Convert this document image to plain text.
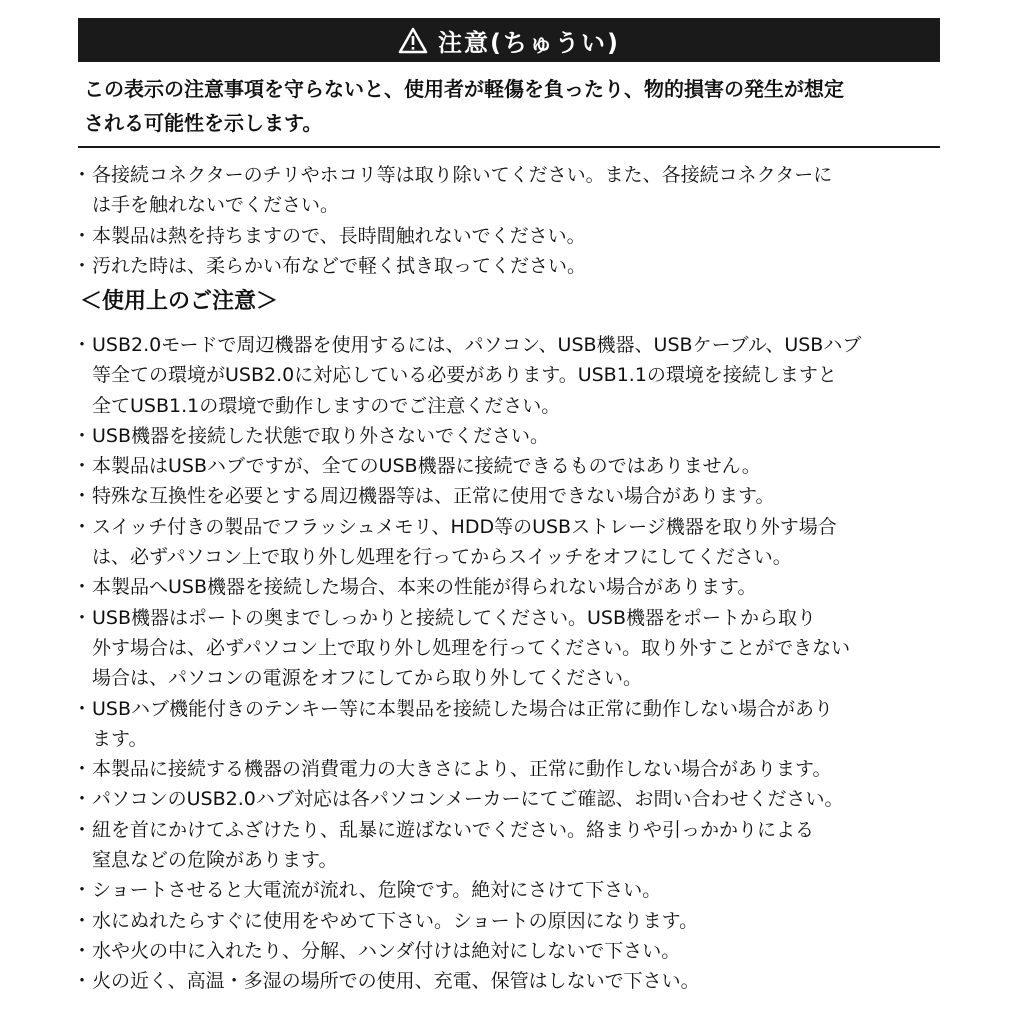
注意(ちゅうい)
この表示の注意事項を守らないと、使用者が軽傷を負ったり、物的損害の発生が想定
される可能性を示します。
・ 各接続コネクターのチリやホコリ等は取り除いてください。また、各接続コネクターに
は手を触れないでください。
・ 本製品は熱を持ちますので、長時間触れないでください。
・ 汚れた時は、柔らかい布などで軽く拭き取ってください。
＜使用上のご注意＞
・ USB2.0モードで周辺機器を使用するには、パソコン、USB機器、USBケーブル、USBハブ
等全ての環境がUSB2.0に対応している必要があります。USB1.1の環境を接続しますと
全てUSB1.1の環境で動作しますのでご注意ください。
・ USB機器を接続した状態で取り外さないでください。
・ 本製品はUSBハブですが、全てのUSB機器に接続できるものではありません。
・ 特殊な互換性を必要とする周辺機器等は、正常に使用できない場合があります。
・ スイッチ付きの製品でフラッシュメモリ、HDD等のUSBストレージ機器を取り外す場合
は、必ずパソコン上で取り外し処理を行ってからスイッチをオフにしてください。
・ 本製品へUSB機器を接続した場合、本来の性能が得られない場合があります。
・ USB機器はポートの奥までしっかりと接続してください。USB機器をポートから取り
外す場合は、必ずパソコン上で取り外し処理を行ってください。取り外すことができない
場合は、パソコンの電源をオフにしてから取り外してください。
・ USBハブ機能付きのテンキー等に本製品を接続した場合は正常に動作しない場合があり
ます。
・ 本製品に接続する機器の消費電力の大きさにより、正常に動作しない場合があります。
・ パソコンのUSB2.0ハブ対応は各パソコンメーカーにてご確認、お問い合わせください。
・ 紐を首にかけてふざけたり、乱暴に遊ばないでください。絡まりや引っかかりによる
窒息などの危険があります。
・ ショートさせると大電流が流れ、危険です。絶対にさけて下さい。
・ 水にぬれたらすぐに使用をやめて下さい。ショートの原因になります。
・ 水や火の中に入れたり、分解、ハンダ付けは絶対にしないで下さい。
・ 火の近く、高温・多湿の場所での使用、充電、保管はしないで下さい。
